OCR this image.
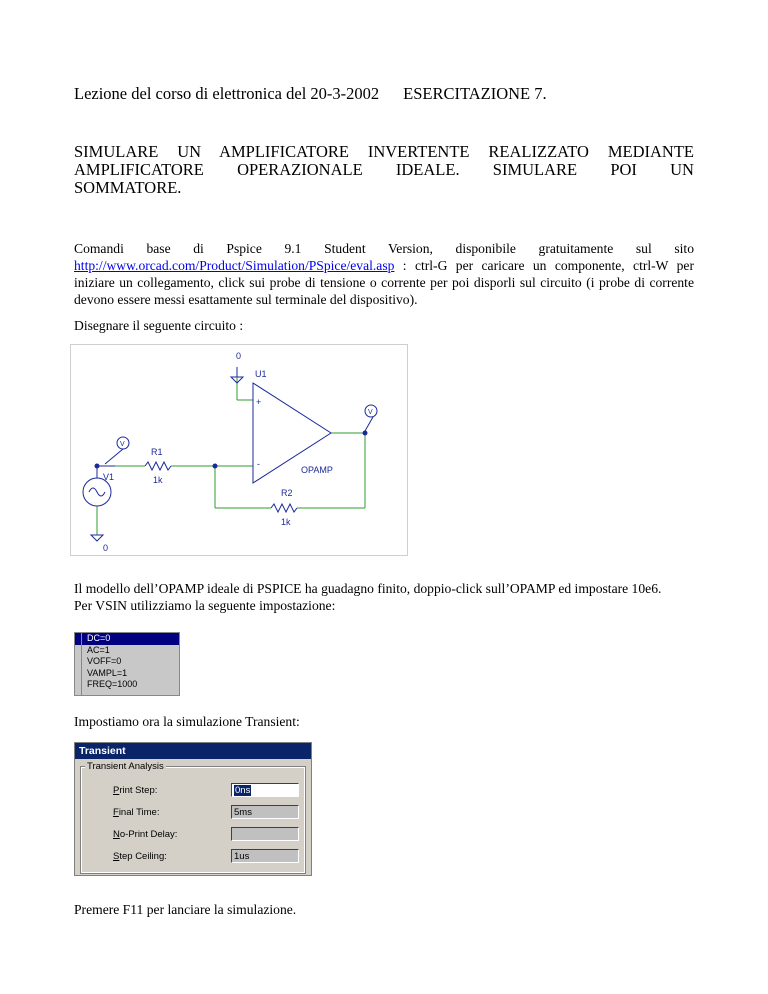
Lezione del corso di elettronica del 20-3-2002 ESERCITAZIONE 7.
SIMULARE UN AMPLIFICATORE INVERTENTE REALIZZATO MEDIANTE
AMPLIFICATORE OPERAZIONALE IDEALE. SIMULARE POI UN
SOMMATORE.
Comandi base di Pspice 9.1 Student Version, disponibile gratuitamente sul sito http://www.orcad.com/Product/Simulation/PSpice/eval.asp : ctrl-G per caricare un componente, ctrl-W per iniziare un collegamento, click sui probe di tensione o corrente per poi disporli sul circuito (i probe di corrente devono essere messi esattamente sul terminale del dispositivo).
Disegnare il seguente circuito :
0
U1
+
-
OPAMP
R1
1k
R2
1k
V1
0
V
V
Il modello dell’OPAMP ideale di PSPICE ha guadagno finito, doppio-click sull’OPAMP ed impostare 10e6.
Per VSIN utilizziamo la seguente impostazione:
DC=0
AC=1
VOFF=0
VAMPL=1
FREQ=1000
Impostiamo ora la simulazione Transient:
Transient
Transient Analysis
Print Step:	0ns
Final Time:	5ms
No-Print Delay:
Step Ceiling:	1us
Premere F11 per lanciare la simulazione.
